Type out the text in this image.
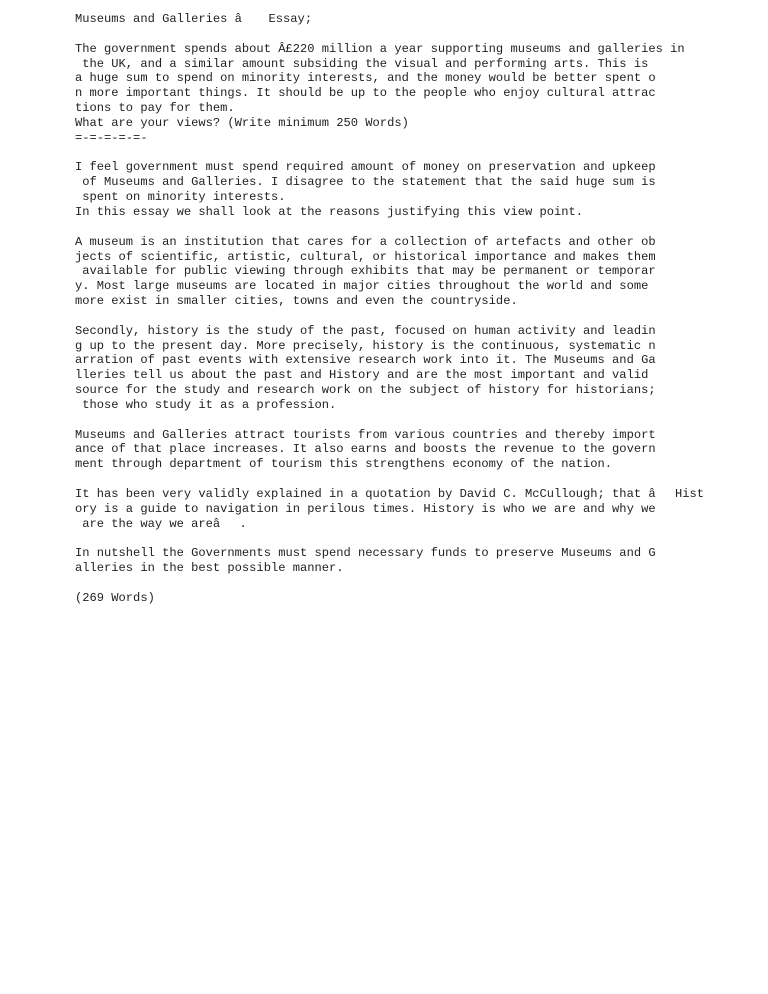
Museums and Galleries â Essay;
The government spends about Â£220 million a year supporting museums and galleries in
the UK, and a similar amount subsiding the visual and performing arts. This is
a huge sum to spend on minority interests, and the money would be better spent o
n more important things. It should be up to the people who enjoy cultural attrac
tions to pay for them.
What are your views? (Write minimum 250 Words)
=-=-=-=-=-
I feel government must spend required amount of money on preservation and upkeep
of Museums and Galleries. I disagree to the statement that the said huge sum is
spent on minority interests.
In this essay we shall look at the reasons justifying this view point.
A museum is an institution that cares for a collection of artefacts and other ob
jects of scientific, artistic, cultural, or historical importance and makes them
available for public viewing through exhibits that may be permanent or temporar
y. Most large museums are located in major cities throughout the world and some
more exist in smaller cities, towns and even the countryside.
Secondly, history is the study of the past, focused on human activity and leadin
g up to the present day. More precisely, history is the continuous, systematic n
arration of past events with extensive research work into it. The Museums and Ga
lleries tell us about the past and History and are the most important and valid
source for the study and research work on the subject of history for historians;
those who study it as a profession.
Museums and Galleries attract tourists from various countries and thereby import
ance of that place increases. It also earns and boosts the revenue to the govern
ment through department of tourism this strengthens economy of the nation.
It has been very validly explained in a quotation by David C. McCullough; that âHist
ory is a guide to navigation in perilous times. History is who we are and why we
are the way we areâ.
In nutshell the Governments must spend necessary funds to preserve Museums and G
alleries in the best possible manner.
(269 Words)
